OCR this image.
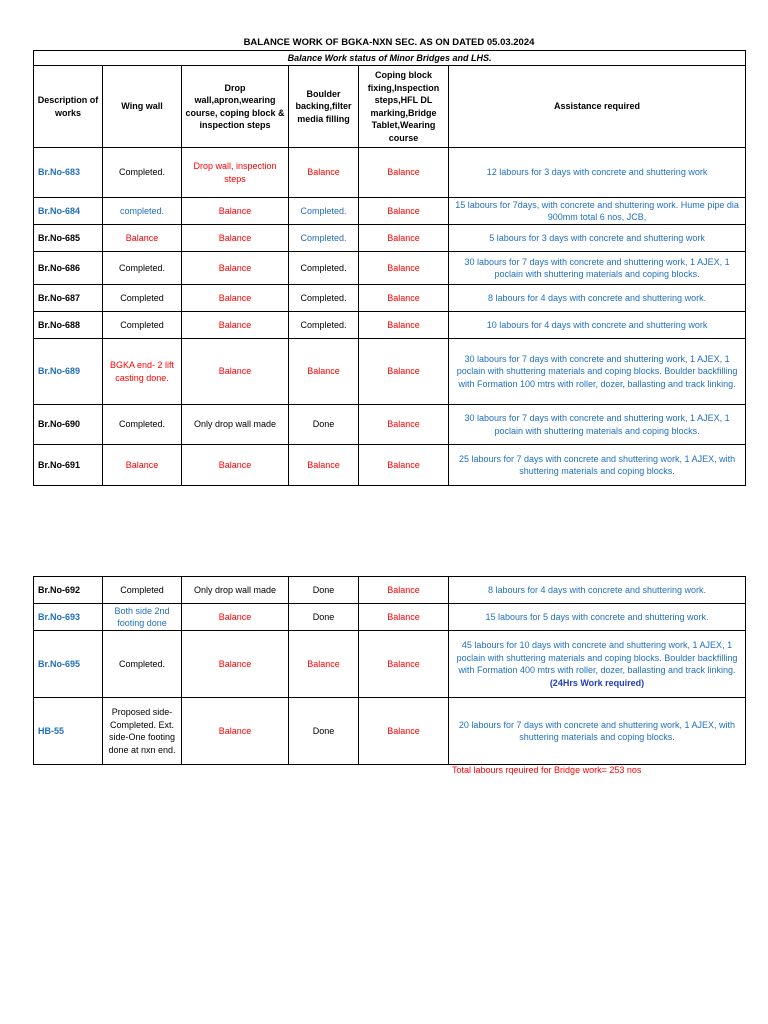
BALANCE WORK OF BGKA-NXN SEC. AS ON DATED 05.03.2024
Balance Work status of Minor Bridges and LHS.					
Description of works	Wing wall	Drop wall,apron,wearing course, coping block & inspection steps	Boulder backing,filter media filling	Coping block fixing,Inspection steps,HFL DL marking,Bridge Tablet,Wearing course	Assistance required
Br.No-683	Completed.	Drop wall, inspection steps	Balance	Balance	12 labours for 3 days with concrete and shuttering work
Br.No-684	completed.	Balance	Completed.	Balance	15 labours for 7days, with concrete and shuttering work. Hume pipe dia 900mm total 6 nos, JCB,
Br.No-685	Balance	Balance	Completed.	Balance	5 labours for 3 days with concrete and shuttering work
Br.No-686	Completed.	Balance	Completed.	Balance	30 labours for 7 days with concrete and shuttering work, 1 AJEX, 1 poclain with shuttering materials and coping blocks.
Br.No-687	Completed	Balance	Completed.	Balance	8 labours for 4 days with concrete and shuttering work.
Br.No-688	Completed	Balance	Completed.	Balance	10 labours for 4 days with concrete and shuttering work
Br.No-689	BGKA end- 2 lift casting done.	Balance	Balance	Balance	30 labours for 7 days with concrete and shuttering work, 1 AJEX, 1 poclain with shuttering materials and coping blocks. Boulder backfilling with Formation 100 mtrs with roller, dozer, ballasting and track linking.
Br.No-690	Completed.	Only drop wall made	Done	Balance	30 labours for 7 days with concrete and shuttering work, 1 AJEX, 1 poclain with shuttering materials and coping blocks.
Br.No-691	Balance	Balance	Balance	Balance	25 labours for 7 days with concrete and shuttering work, 1 AJEX, with shuttering materials and coping blocks.
Br.No-692	Completed	Only drop wall made	Done	Balance	8 labours for 4 days with concrete and shuttering work.
Br.No-693	Both side 2nd footing done	Balance	Done	Balance	15 labours for 5 days with concrete and shuttering work.
Br.No-695	Completed.	Balance	Balance	Balance	45 labours for 10 days with concrete and shuttering work, 1 AJEX, 1 poclain with shuttering materials and coping blocks. Boulder backfilling with Formation 400 mtrs with roller, dozer, ballasting and track linking. (24Hrs Work required)
HB-55	Proposed side- Completed. Ext. side-One footing done at nxn end.	Balance	Done	Balance	20 labours for 7 days with concrete and shuttering work, 1 AJEX, with shuttering materials and coping blocks.
Total labours rqeuired for Bridge work= 253 nos
